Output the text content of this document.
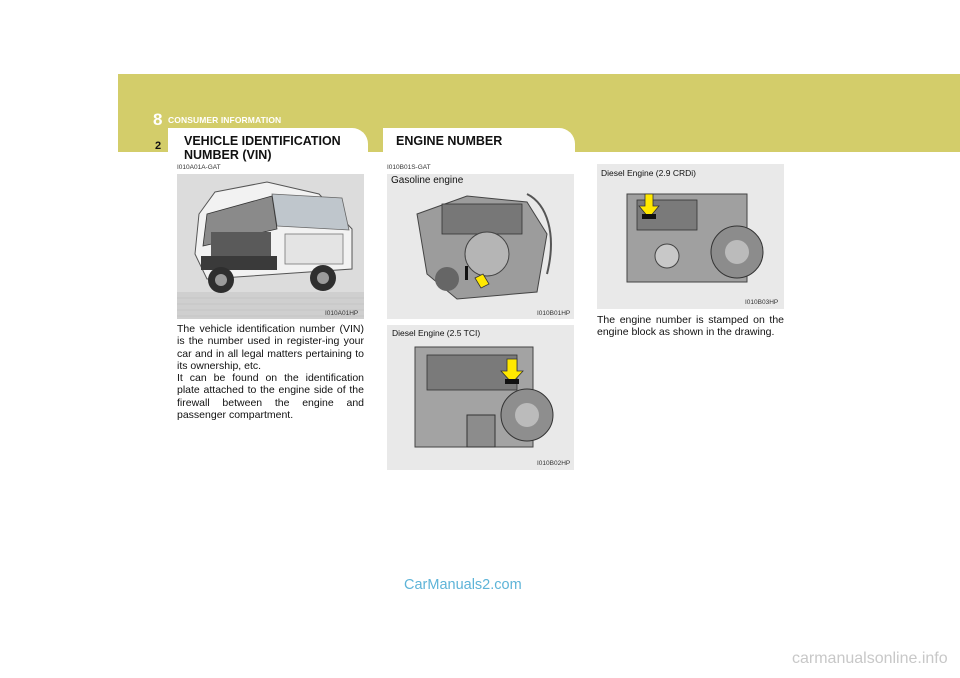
8 CONSUMER INFORMATION
2 VEHICLE IDENTIFICATION
NUMBER (VIN)
ENGINE NUMBER
I010A01A-GAT
I010A01HP

The vehicle identification number (VIN) is the number used in register-ing your car and in all legal matters pertaining to its ownership, etc.

It can be found on the identification plate attached to the engine side of the firewall between the engine and passenger compartment.

I010B01S-GAT
Gasoline engine
I010B01HP
Diesel Engine (2.5 TCI)
I010B02HP
Diesel Engine (2.9 CRDi)
I010B03HP
The engine number is stamped on the engine block as shown in the drawing.
CarManuals2.com
carmanualsonline.info
